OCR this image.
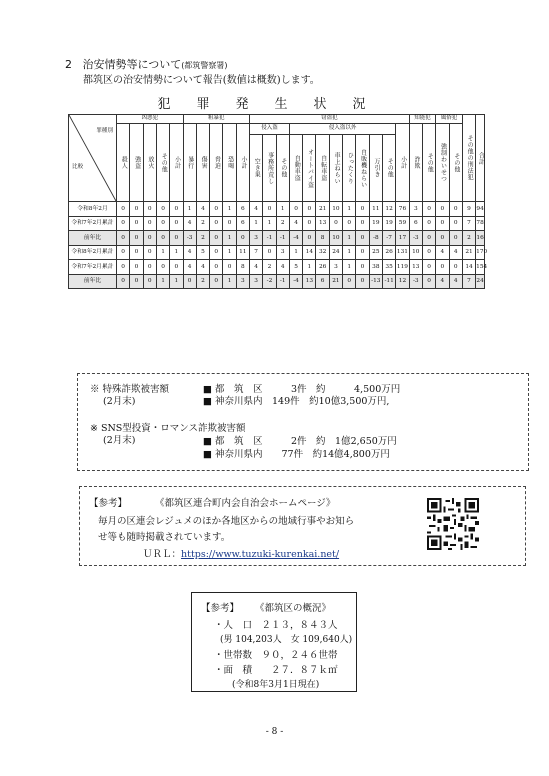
2 治安情勢等について(都筑警察署)
都筑区の治安情勢について報告(数値は概数)します。
犯罪発生状況
罪種別
比較	凶悪犯					粗暴犯					窃盗犯												知能犯		風俗犯		その他の刑法犯	合計
	殺人	強盗	放火	その他	小計	暴行	傷害	脅迫	恐喝	小計	侵入盗			侵入盗以外								小計	詐欺	その他	強制わいせつ	その他		
											空き巣	事務所荒し	その他	自動車盗	オートバイ盗	自転車盗	車上ねらい	ひったくり	自販機ねらい	万引き	その他							
令和8年2月	0	0	0	0	0	1	4	0	1	6	4	0	1	0	0	21	10	1	0	11	12	76	3	0	0	0	9	94
令和7年2月累計	0	0	0	0	0	4	2	0	0	6	1	1	2	4	0	13	0	0	0	19	19	59	6	0	0	0	7	78
前年比	0	0	0	0	0	-3	2	0	1	0	3	-1	-1	-4	0	8	10	1	0	-8	-7	17	-3	0	0	0	2	16
令和8年2月累計	0	0	0	1	1	4	5	0	1	11	7	0	3	1	14	32	24	1	0	25	26	131	10	0	4	4	21	170
令和7年2月累計	0	0	0	0	0	4	4	0	0	8	4	2	4	5	1	26	3	1	0	38	35	119	13	0	0	0	14	154
前年比	0	0	0	1	1	0	2	0	1	3	3	-2	-1	-4	13	6	21	0	0	-13	-11	12	-3	0	4	4	7	24
※ 特殊詐欺被害額
(2月末)
■ 都　筑　区　　　3件　約　　　4,500万円
■ 神奈川県内　149件　約10億3,500万円,
※ SNS型投資・ロマンス詐欺被害額
(2月末)	■ 都　筑　区　　　2件　約　1億2,650万円
■ 神奈川県内　　77件　約14億4,800万円
【参考】	《都筑区連合町内会自治会ホームページ》
毎月の区連会レジュメのほか各地区からの地域行事やお知ら
せ等も随時掲載されています。
ＵＲＬ：https://www.tuzuki-kurenkai.net/
【参考】 《都筑区の概況》
・人　口　２１３，８４３人
(男 104,203人　女 109,640人)
・世帯数　９０，２４６世帯
・面　積　　２７．８７ｋ㎡
(令和8年3月1日現在)
- 8 -
